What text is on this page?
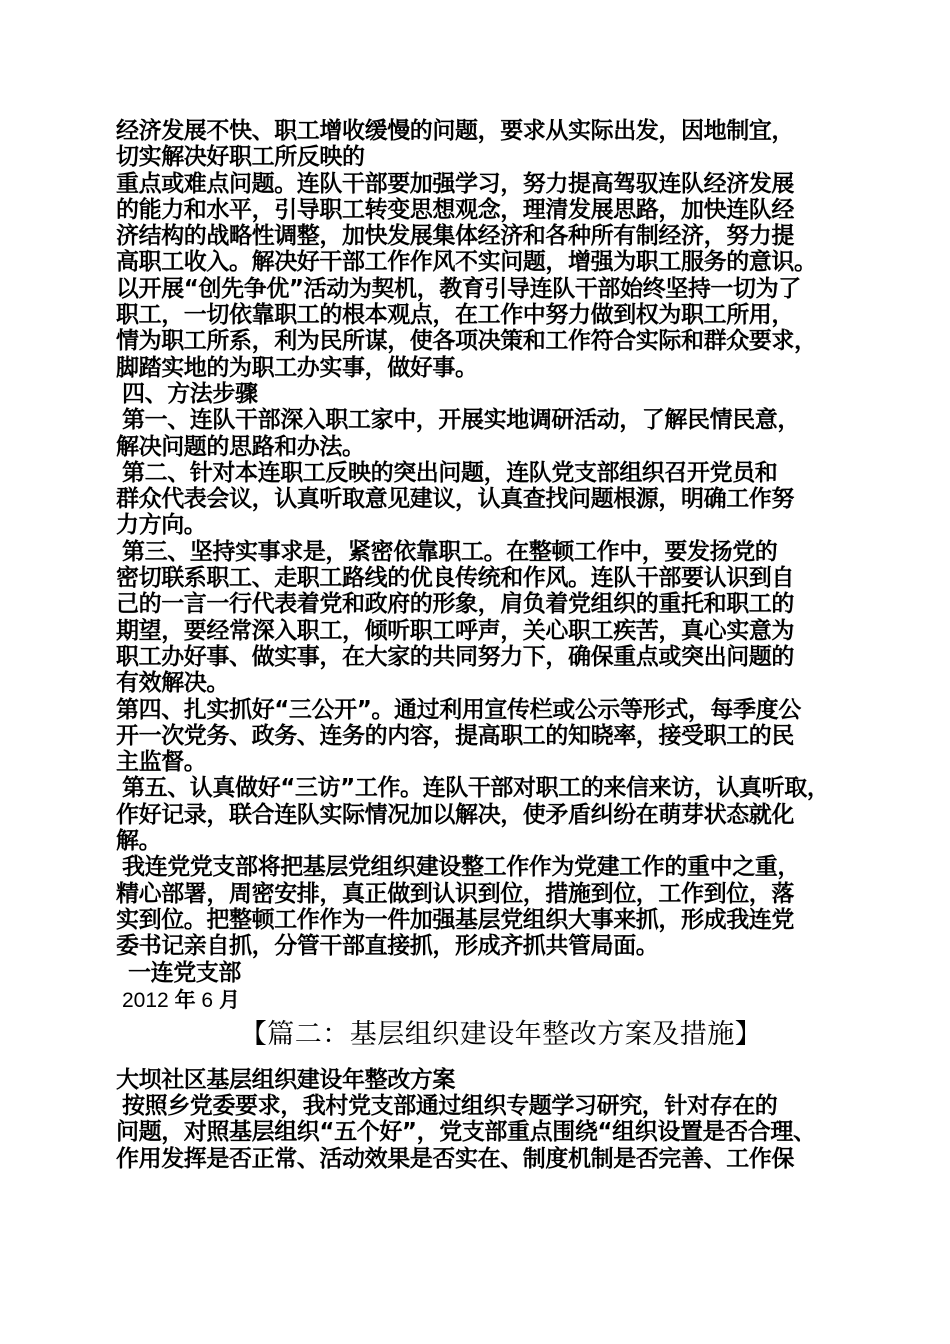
经济发展不快、职工增收缓慢的问题，要求从实际出发，因地制宜，
切实解决好职工所反映的
重点或难点问题。连队干部要加强学习，努力提高驾驭连队经济发展
的能力和水平，引导职工转变思想观念，理清发展思路，加快连队经
济结构的战略性调整，加快发展集体经济和各种所有制经济，努力提
高职工收入。解决好干部工作作风不实问题，增强为职工服务的意识。
以开展“创先争优”活动为契机，教育引导连队干部始终坚持一切为了
职工，一切依靠职工的根本观点，在工作中努力做到权为职工所用，
情为职工所系，利为民所谋，使各项决策和工作符合实际和群众要求，
脚踏实地的为职工办实事，做好事。
四、方法步骤
第一、连队干部深入职工家中，开展实地调研活动，了解民情民意，
解决问题的思路和办法。
第二、针对本连职工反映的突出问题，连队党支部组织召开党员和
群众代表会议，认真听取意见建议，认真查找问题根源，明确工作努
力方向。
第三、坚持实事求是，紧密依靠职工。在整顿工作中，要发扬党的
密切联系职工、走职工路线的优良传统和作风。连队干部要认识到自
己的一言一行代表着党和政府的形象，肩负着党组织的重托和职工的
期望，要经常深入职工，倾听职工呼声，关心职工疾苦，真心实意为
职工办好事、做实事，在大家的共同努力下，确保重点或突出问题的
有效解决。
第四、扎实抓好“三公开”。通过利用宣传栏或公示等形式，每季度公
开一次党务、政务、连务的内容，提高职工的知晓率，接受职工的民
主监督。
第五、认真做好“三访”工作。连队干部对职工的来信来访，认真听取，
作好记录，联合连队实际情况加以解决，使矛盾纠纷在萌芽状态就化
解。
我连党党支部将把基层党组织建设整工作作为党建工作的重中之重，
精心部署，周密安排，真正做到认识到位，措施到位，工作到位，落
实到位。把整顿工作作为一件加强基层党组织大事来抓，形成我连党
委书记亲自抓，分管干部直接抓，形成齐抓共管局面。
一连党支部
2012 年 6 月
【篇二：基层组织建设年整改方案及措施】
大坝社区基层组织建设年整改方案
按照乡党委要求，我村党支部通过组织专题学习研究，针对存在的
问题，对照基层组织“五个好”，党支部重点围绕“组织设置是否合理、
作用发挥是否正常、活动效果是否实在、制度机制是否完善、工作保
